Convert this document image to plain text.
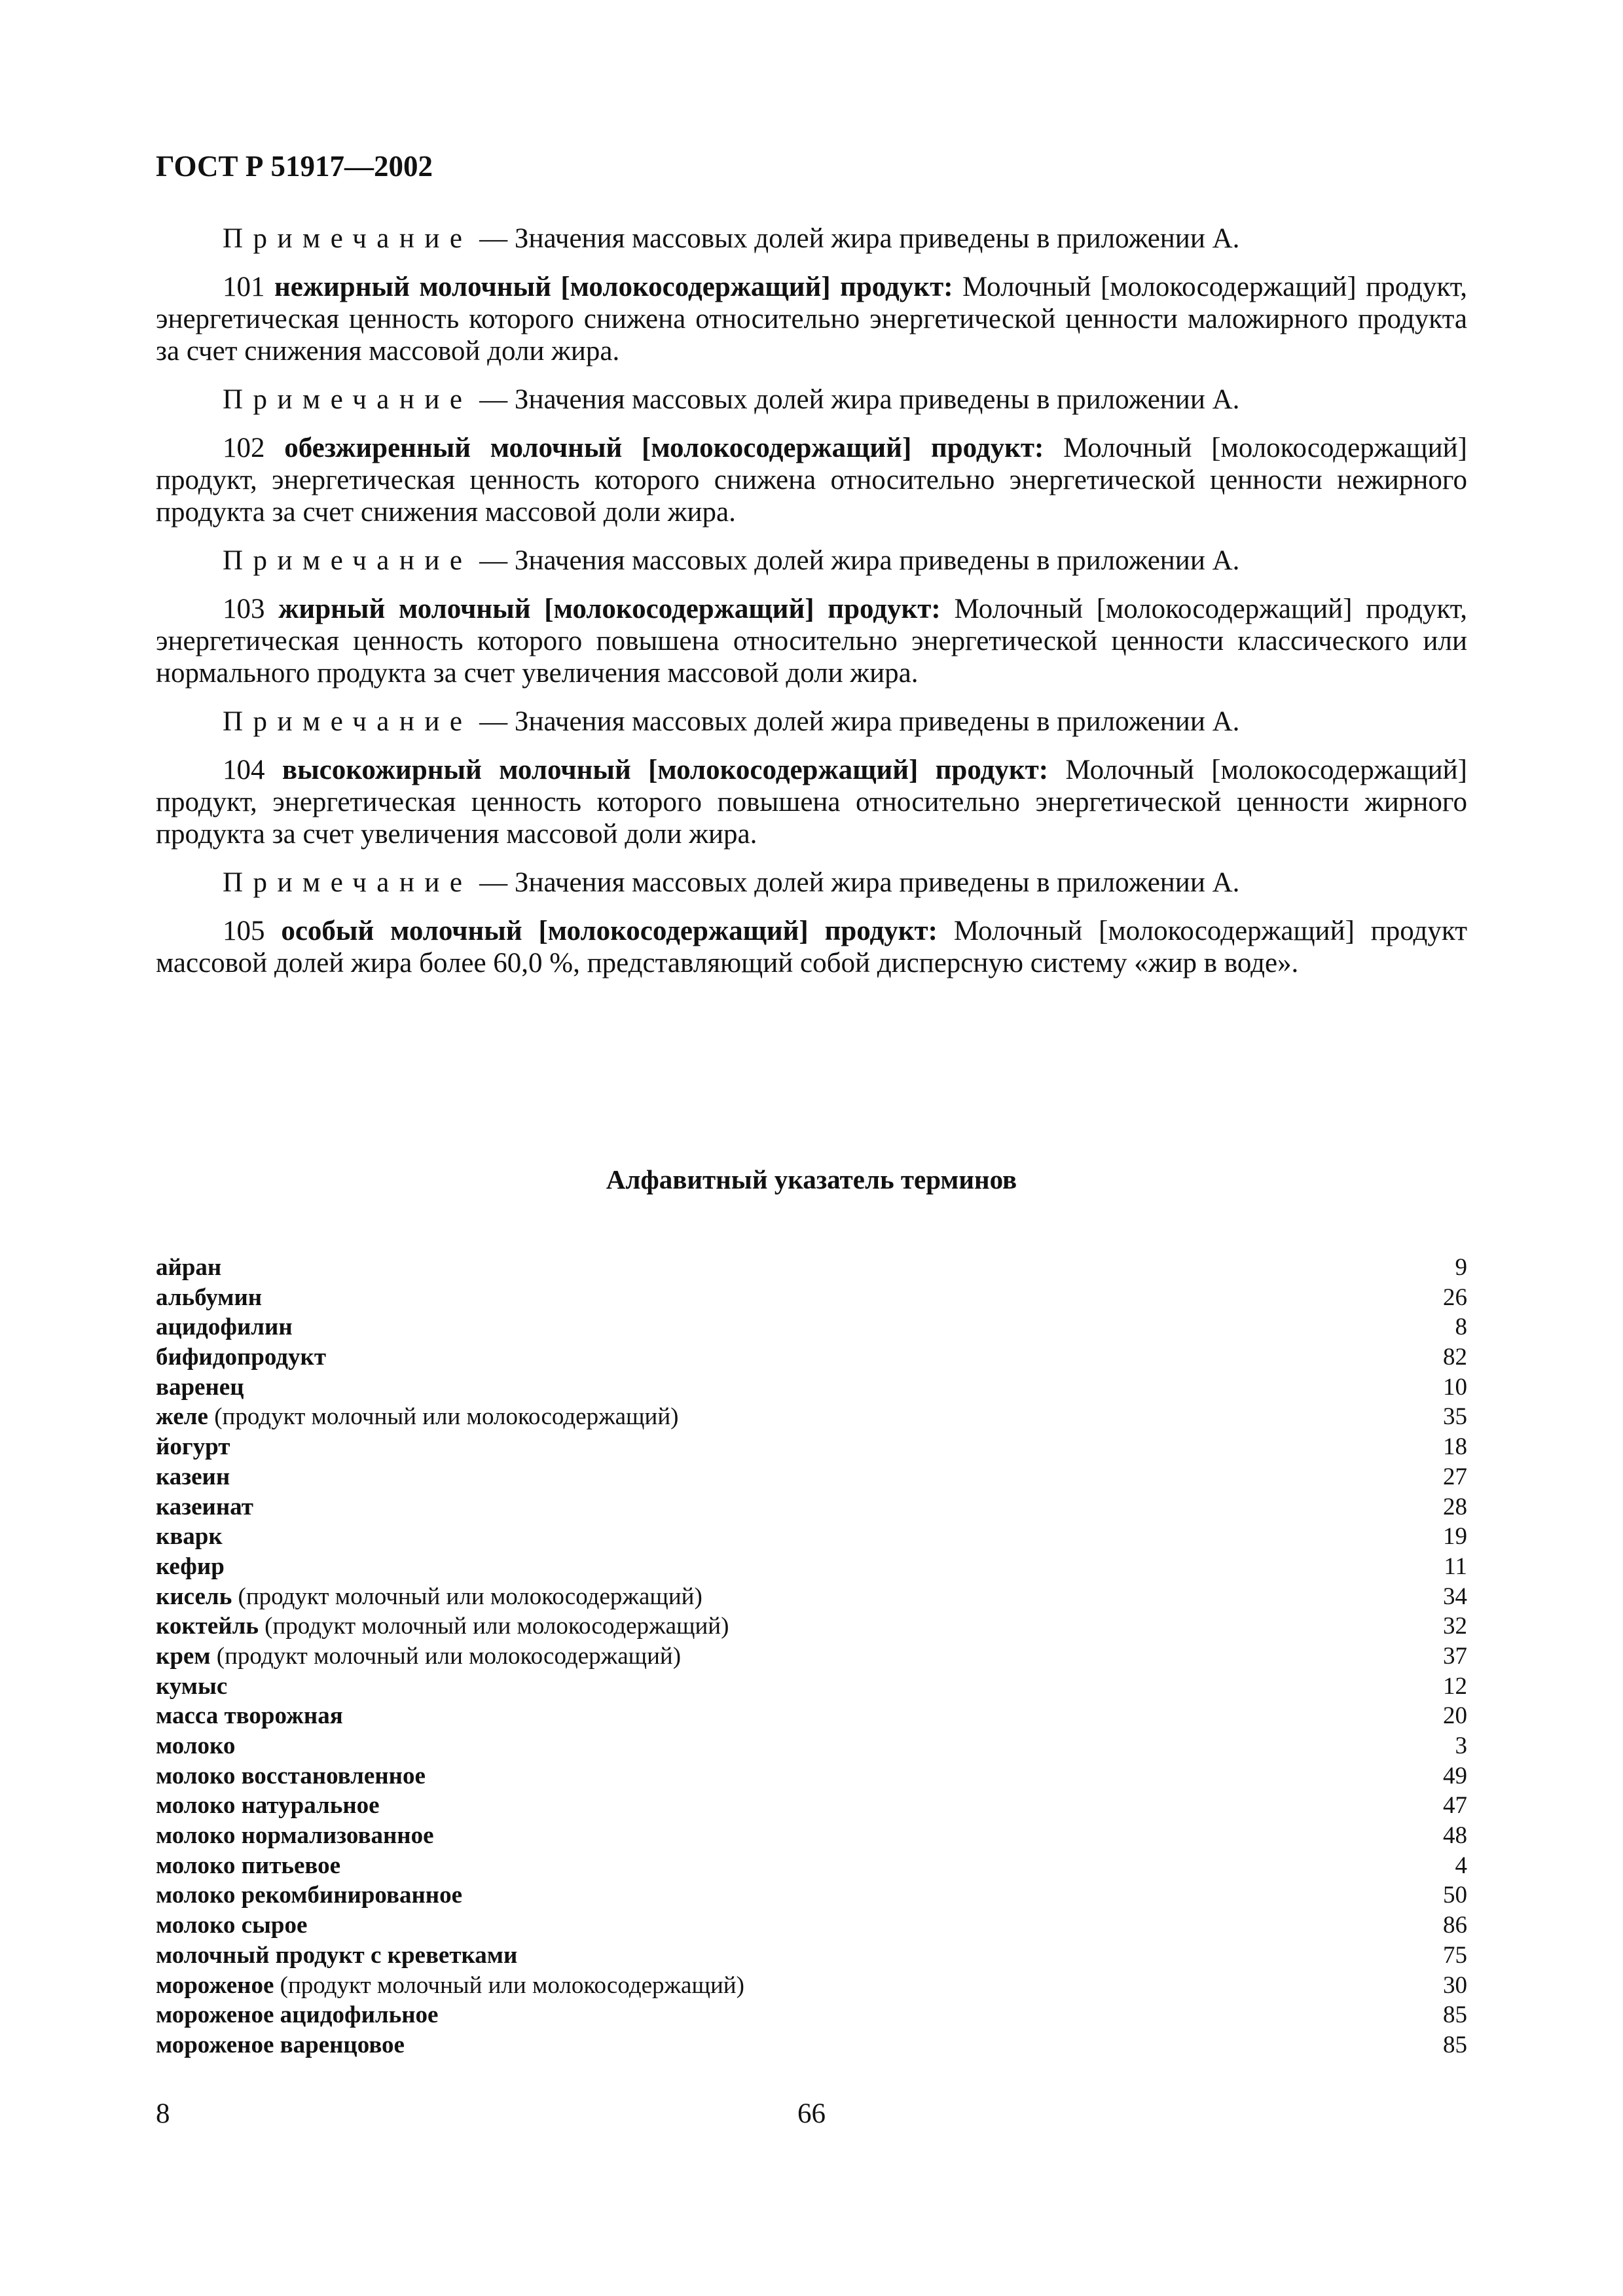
ГОСТ Р 51917—2002

Примечание — Значения массовых долей жира приведены в приложении А.

101 нежирный молочный [молокосодержащий] продукт: Молочный [молокосодержащий] продукт, энергетическая ценность которого снижена относительно энергетической ценности маложирного продукта за счет снижения массовой доли жира.

Примечание — Значения массовых долей жира приведены в приложении А.

102 обезжиренный молочный [молокосодержащий] продукт: Молочный [молокосодержащий] продукт, энергетическая ценность которого снижена относительно энергетической ценности нежирного продукта за счет снижения массовой доли жира.

Примечание — Значения массовых долей жира приведены в приложении А.

103 жирный молочный [молокосодержащий] продукт: Молочный [молокосодержащий] продукт, энергетическая ценность которого повышена относительно энергетической ценности классического или нормального продукта за счет увеличения массовой доли жира.

Примечание — Значения массовых долей жира приведены в приложении А.

104 высокожирный молочный [молокосодержащий] продукт: Молочный [молокосодержащий] продукт, энергетическая ценность которого повышена относительно энергетической ценности жирного продукта за счет увеличения массовой доли жира.

Примечание — Значения массовых долей жира приведены в приложении А.

105 особый молочный [молокосодержащий] продукт: Молочный [молокосодержащий] продукт массовой долей жира более 60,0 %, представляющий собой дисперсную систему «жир в воде».

Алфавитный указатель терминов
айран	9
альбумин	26
ацидофилин	8
бифидопродукт	82
варенец	10
желе (продукт молочный или молокосодержащий)	35
йогурт	18
казеин	27
казеинат	28
кварк	19
кефир	11
кисель (продукт молочный или молокосодержащий)	34
коктейль (продукт молочный или молокосодержащий)	32
крем (продукт молочный или молокосодержащий)	37
кумыс	12
масса творожная	20
молоко	3
молоко восстановленное	49
молоко натуральное	47
молоко нормализованное	48
молоко питьевое	4
молоко рекомбинированное	50
молоко сырое	86
молочный продукт с креветками	75
мороженое (продукт молочный или молокосодержащий)	30
мороженое ацидофильное	85
мороженое варенцовое	85

8	66
